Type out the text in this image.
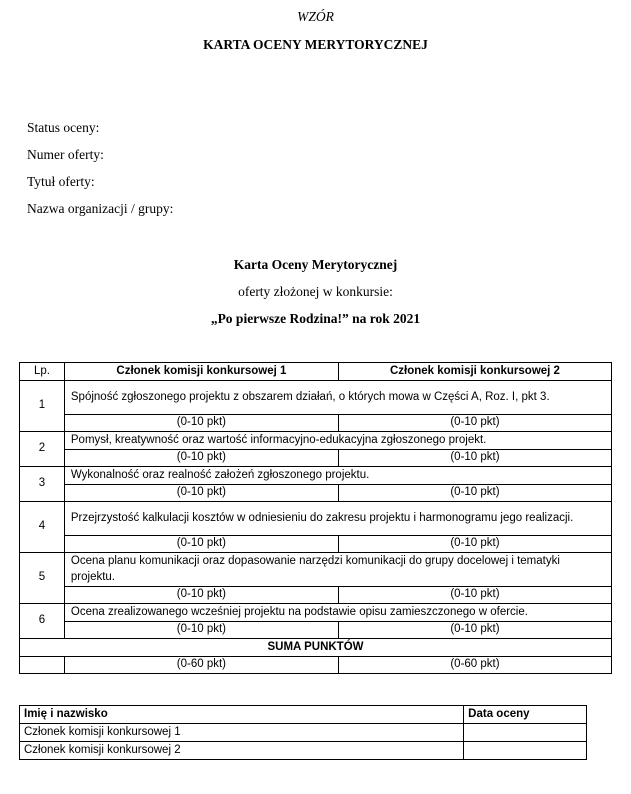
WZÓR
KARTA OCENY MERYTORYCZNEJ
Status oceny:
Numer oferty:
Tytuł oferty:
Nazwa organizacji / grupy:
Karta Oceny Merytorycznej
oferty złożonej w konkursie:
„Po pierwsze Rodzina!” na rok 2021
Lp.	Członek komisji konkursowej 1	Członek komisji konkursowej 2
1	Spójność zgłoszonego projektu z obszarem działań, o których mowa w Części A, Roz. I, pkt 3.	
	(0-10 pkt)	(0-10 pkt)
2	Pomysł, kreatywność oraz wartość informacyjno-edukacyjna zgłoszonego projekt.	
	(0-10 pkt)	(0-10 pkt)
3	Wykonalność oraz realność założeń zgłoszonego projektu.	
	(0-10 pkt)	(0-10 pkt)
4	Przejrzystość kalkulacji kosztów w odniesieniu do zakresu projektu i harmonogramu jego realizacji.	
	(0-10 pkt)	(0-10 pkt)
5	Ocena planu komunikacji oraz dopasowanie narzędzi komunikacji do grupy docelowej i tematyki projektu.	
	(0-10 pkt)	(0-10 pkt)
6	Ocena zrealizowanego wcześniej projektu na podstawie opisu zamieszczonego w ofercie.	
	(0-10 pkt)	(0-10 pkt)
SUMA PUNKTÓW		
	(0-60 pkt)	(0-60 pkt)
Imię i nazwisko	Data oceny
Członek komisji konkursowej 1	
Członek komisji konkursowej 2	
